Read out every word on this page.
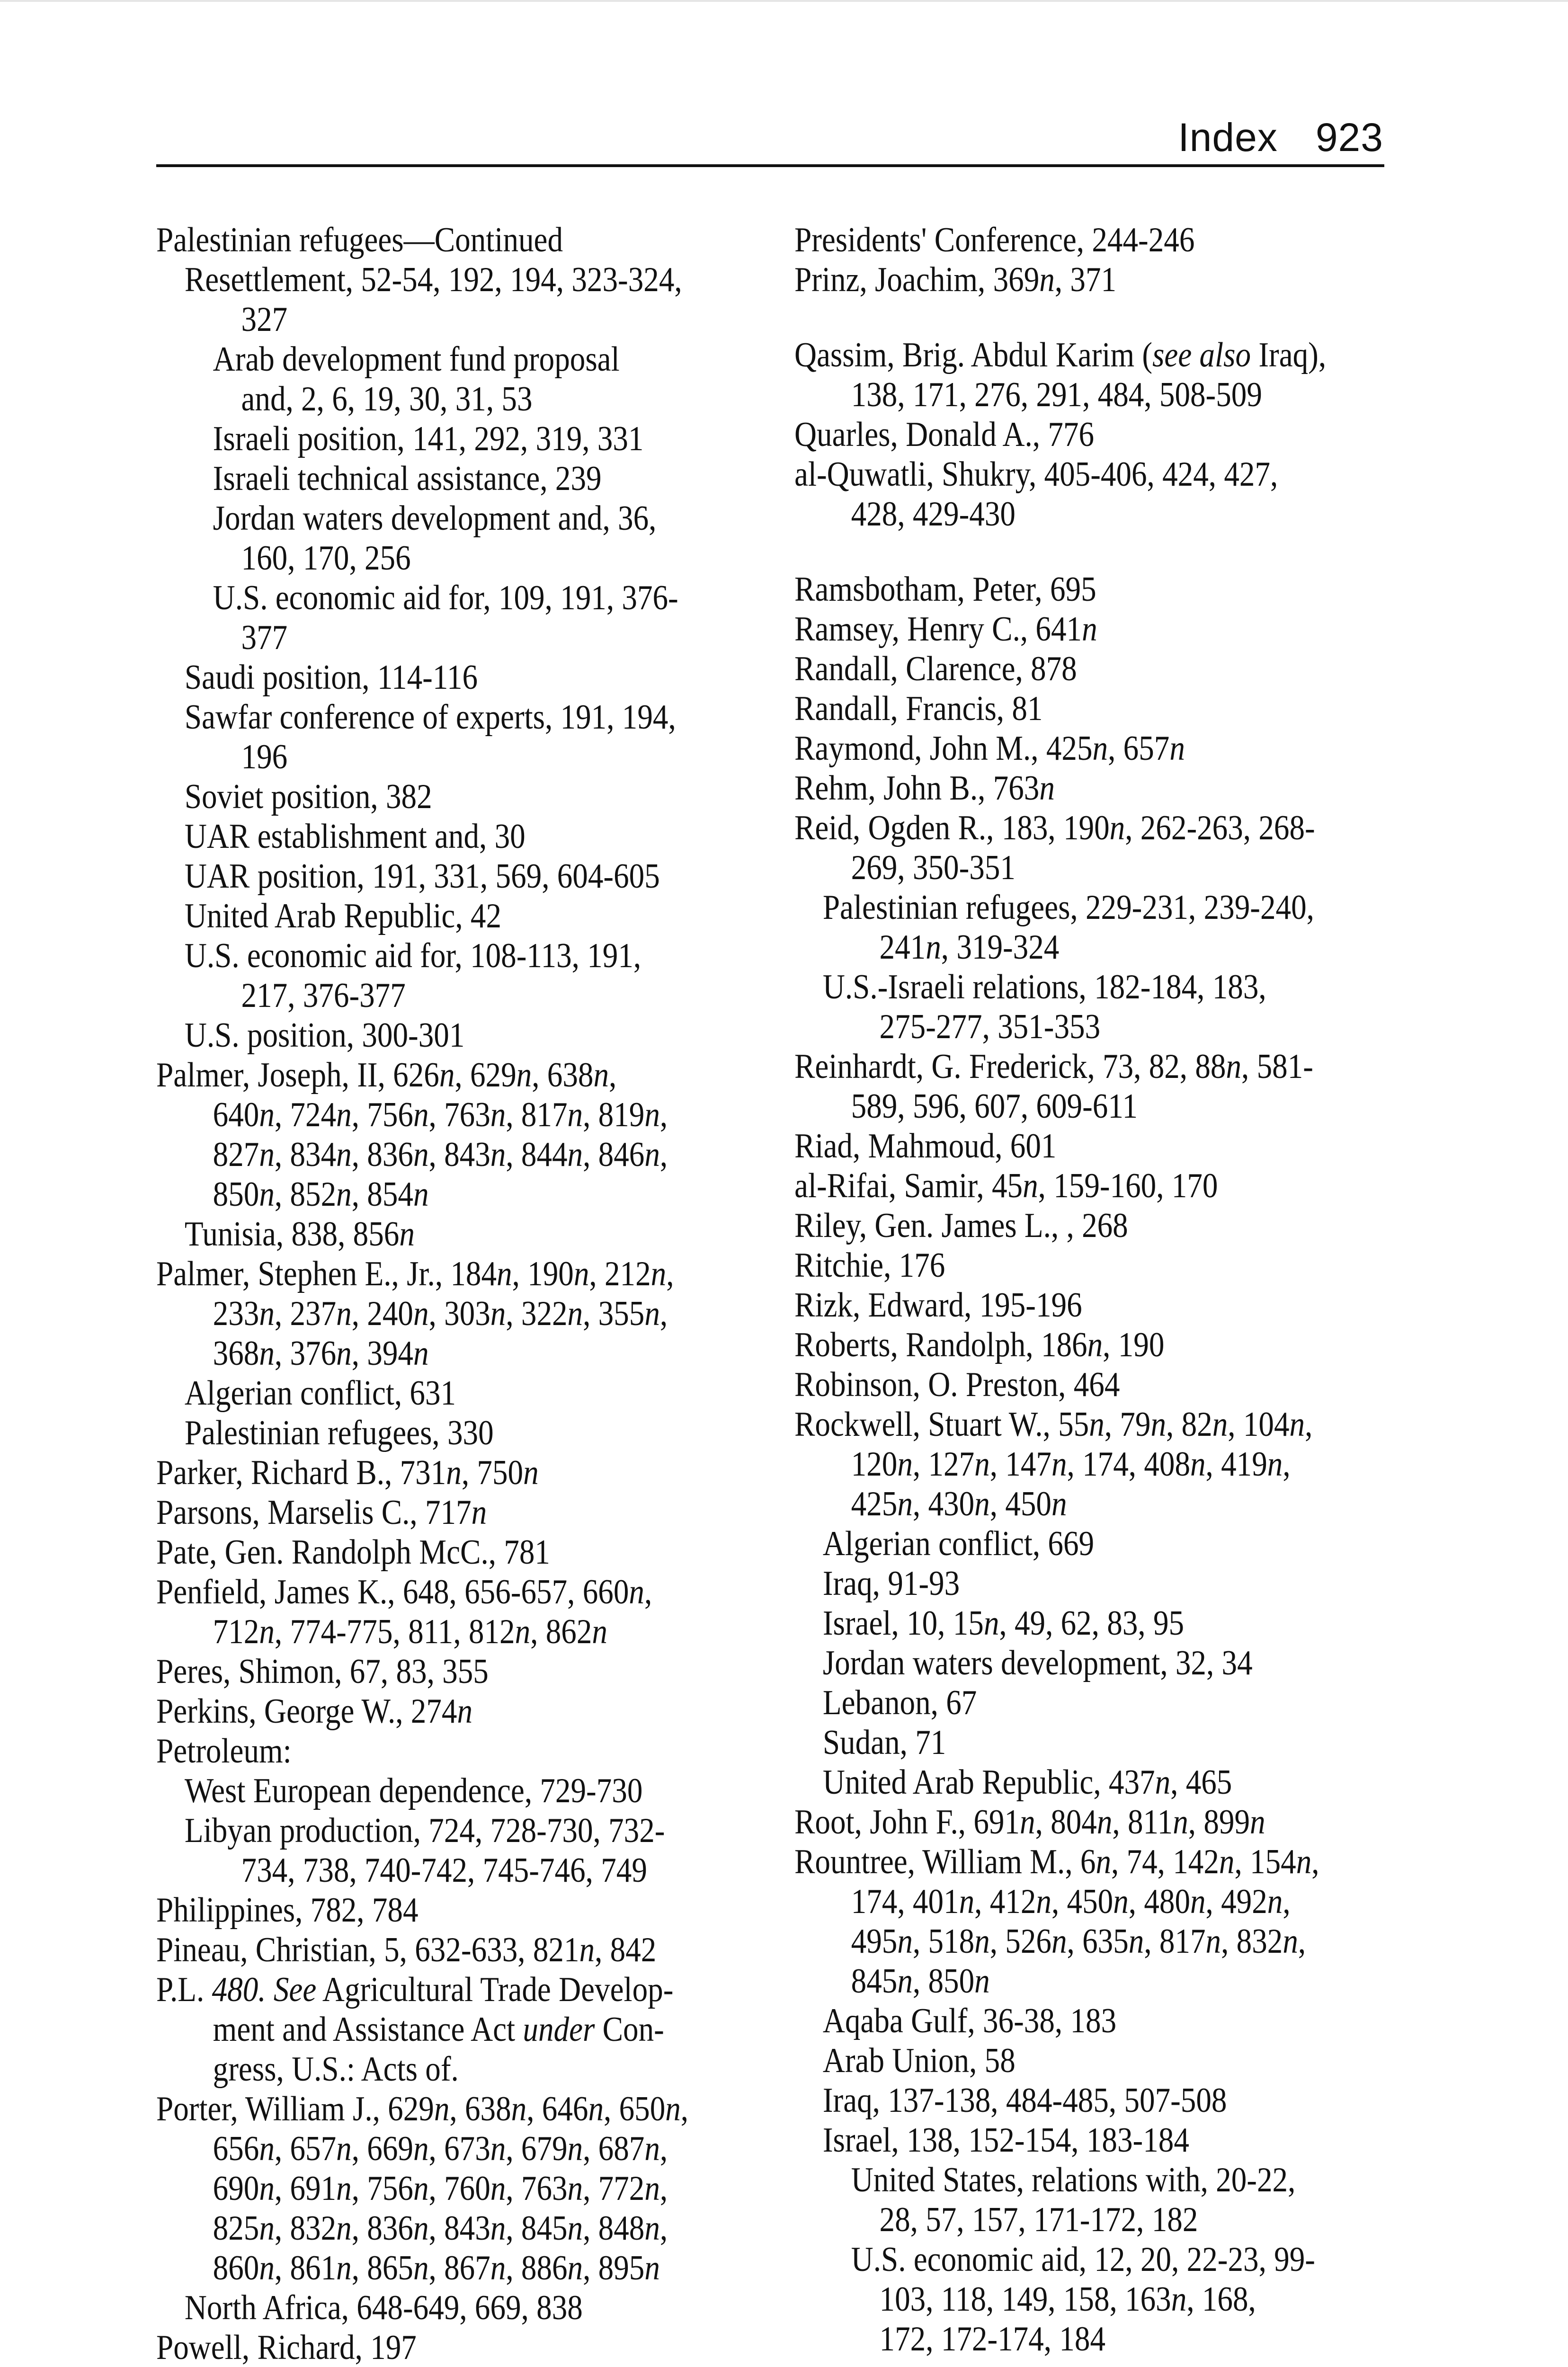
Index 923
Palestinian refugees—Continued
Resettlement, 52-54, 192, 194, 323-324,
327
Arab development fund proposal
and, 2, 6, 19, 30, 31, 53
Israeli position, 141, 292, 319, 331
Israeli technical assistance, 239
Jordan waters development and, 36,
160, 170, 256
U.S. economic aid for, 109, 191, 376-
377
Saudi position, 114-116
Sawfar conference of experts, 191, 194,
196
Soviet position, 382
UAR establishment and, 30
UAR position, 191, 331, 569, 604-605
United Arab Republic, 42
U.S. economic aid for, 108-113, 191,
217, 376-377
U.S. position, 300-301
Palmer, Joseph, II, 626n, 629n, 638n,
640n, 724n, 756n, 763n, 817n, 819n,
827n, 834n, 836n, 843n, 844n, 846n,
850n, 852n, 854n
Tunisia, 838, 856n
Palmer, Stephen E., Jr., 184n, 190n, 212n,
233n, 237n, 240n, 303n, 322n, 355n,
368n, 376n, 394n
Algerian conflict, 631
Palestinian refugees, 330
Parker, Richard B., 731n, 750n
Parsons, Marselis C., 717n
Pate, Gen. Randolph McC., 781
Penfield, James K., 648, 656-657, 660n,
712n, 774-775, 811, 812n, 862n
Peres, Shimon, 67, 83, 355
Perkins, George W., 274n
Petroleum:
West European dependence, 729-730
Libyan production, 724, 728-730, 732-
734, 738, 740-742, 745-746, 749
Philippines, 782, 784
Pineau, Christian, 5, 632-633, 821n, 842
P.L. 480. See Agricultural Trade Develop-
ment and Assistance Act under Con-
gress, U.S.: Acts of.
Porter, William J., 629n, 638n, 646n, 650n,
656n, 657n, 669n, 673n, 679n, 687n,
690n, 691n, 756n, 760n, 763n, 772n,
825n, 832n, 836n, 843n, 845n, 848n,
860n, 861n, 865n, 867n, 886n, 895n
North Africa, 648-649, 669, 838
Powell, Richard, 197
Presidents' Conference, 244-246
Prinz, Joachim, 369n, 371
Qassim, Brig. Abdul Karim (see also Iraq),
138, 171, 276, 291, 484, 508-509
Quarles, Donald A., 776
al-Quwatli, Shukry, 405-406, 424, 427,
428, 429-430
Ramsbotham, Peter, 695
Ramsey, Henry C., 641n
Randall, Clarence, 878
Randall, Francis, 81
Raymond, John M., 425n, 657n
Rehm, John B., 763n
Reid, Ogden R., 183, 190n, 262-263, 268-
269, 350-351
Palestinian refugees, 229-231, 239-240,
241n, 319-324
U.S.-Israeli relations, 182-184, 183,
275-277, 351-353
Reinhardt, G. Frederick, 73, 82, 88n, 581-
589, 596, 607, 609-611
Riad, Mahmoud, 601
al-Rifai, Samir, 45n, 159-160, 170
Riley, Gen. James L., , 268
Ritchie, 176
Rizk, Edward, 195-196
Roberts, Randolph, 186n, 190
Robinson, O. Preston, 464
Rockwell, Stuart W., 55n, 79n, 82n, 104n,
120n, 127n, 147n, 174, 408n, 419n,
425n, 430n, 450n
Algerian conflict, 669
Iraq, 91-93
Israel, 10, 15n, 49, 62, 83, 95
Jordan waters development, 32, 34
Lebanon, 67
Sudan, 71
United Arab Republic, 437n, 465
Root, John F., 691n, 804n, 811n, 899n
Rountree, William M., 6n, 74, 142n, 154n,
174, 401n, 412n, 450n, 480n, 492n,
495n, 518n, 526n, 635n, 817n, 832n,
845n, 850n
Aqaba Gulf, 36-38, 183
Arab Union, 58
Iraq, 137-138, 484-485, 507-508
Israel, 138, 152-154, 183-184
United States, relations with, 20-22,
28, 57, 157, 171-172, 182
U.S. economic aid, 12, 20, 22-23, 99-
103, 118, 149, 158, 163n, 168,
172, 172-174, 184
